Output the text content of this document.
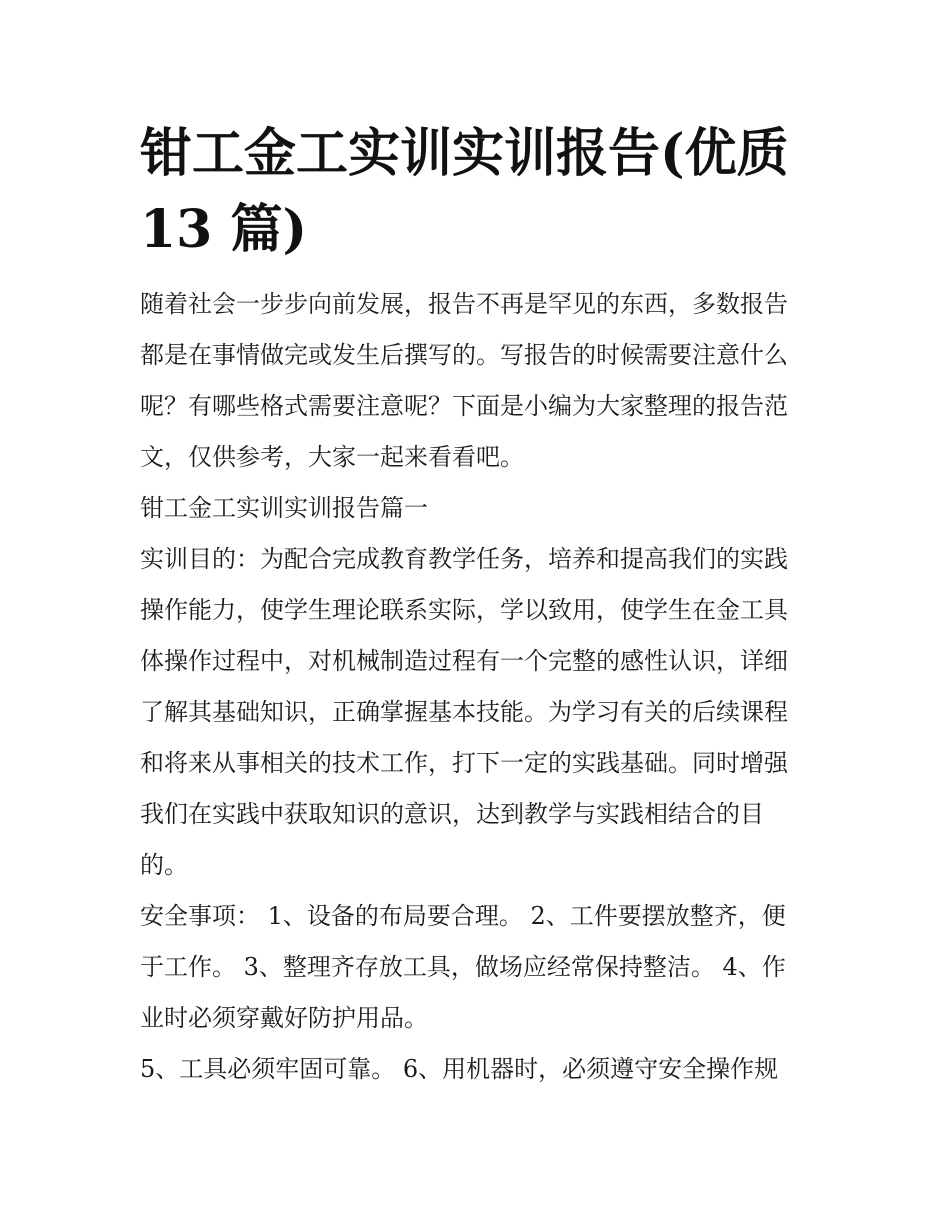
钳工金工实训实训报告(优质
13 篇)

随着社会一步步向前发展，报告不再是罕见的东西，多数报告
都是在事情做完或发生后撰写的。写报告的时候需要注意什么
呢？有哪些格式需要注意呢？下面是小编为大家整理的报告范
文，仅供参考，大家一起来看看吧。

钳工金工实训实训报告篇一

实训目的：为配合完成教育教学任务，培养和提高我们的实践
操作能力，使学生理论联系实际，学以致用，使学生在金工具
体操作过程中，对机械制造过程有一个完整的感性认识，详细
了解其基础知识，正确掌握基本技能。为学习有关的后续课程
和将来从事相关的技术工作，打下一定的实践基础。同时增强
我们在实践中获取知识的意识，达到教学与实践相结合的目
的。

安全事项： 1、设备的布局要合理。 2、工件要摆放整齐，便
于工作。 3、整理齐存放工具，做场应经常保持整洁。 4、作
业时必须穿戴好防护用品。

5、工具必须牢固可靠。 6、用机器时，必须遵守安全操作规
